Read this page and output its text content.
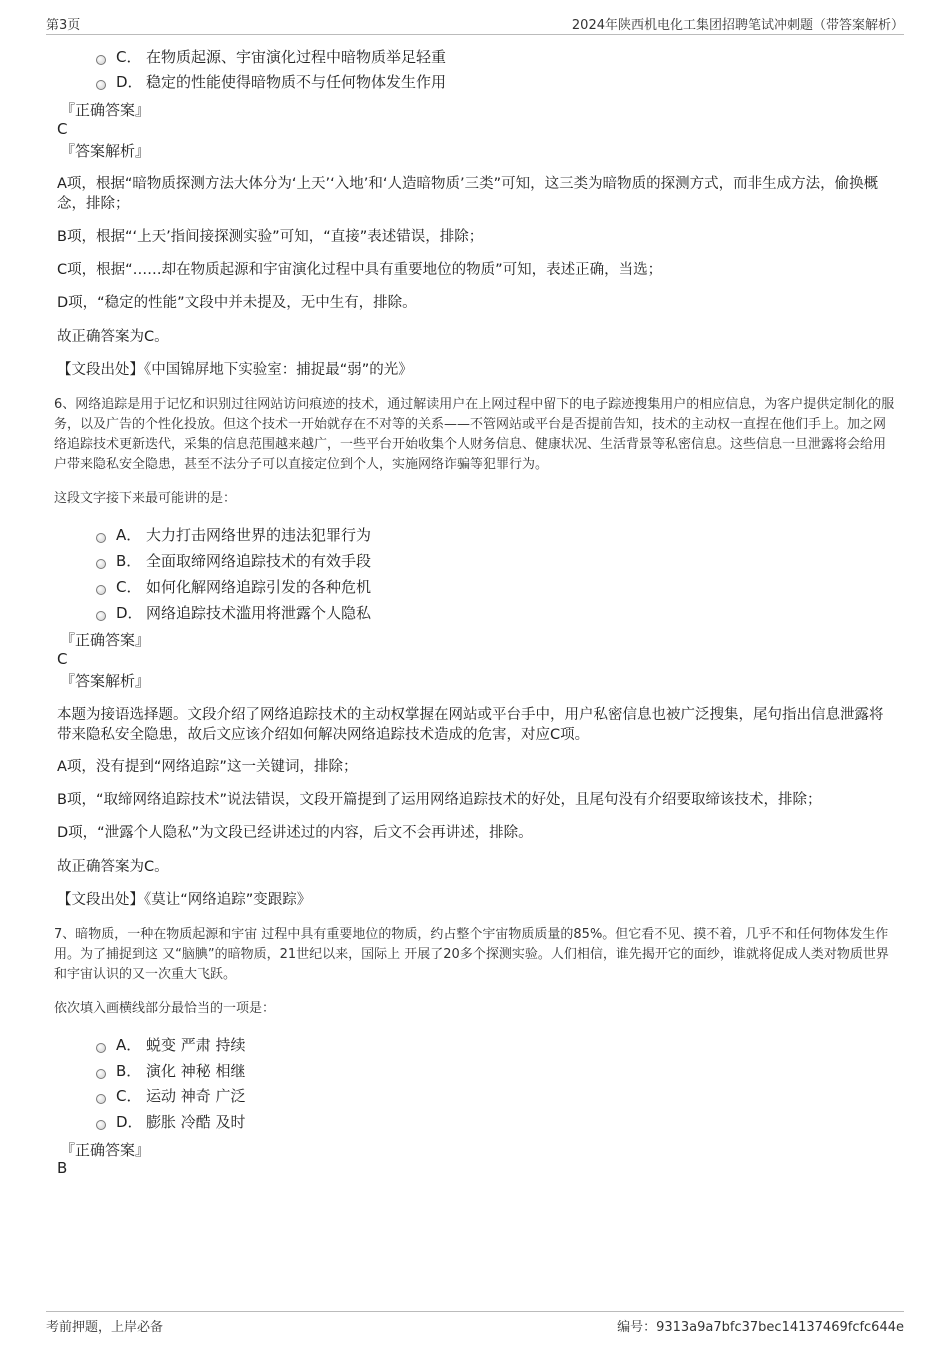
第3页	2024年陕西机电化工集团招聘笔试冲刺题（带答案解析）
C． 在物质起源、宇宙演化过程中暗物质举足轻重
D． 稳定的性能使得暗物质不与任何物体发生作用
『正确答案』
C
『答案解析』
A项，根据“暗物质探测方法大体分为‘上天’‘入地’和‘人造暗物质’三类”可知，这三类为暗物质的探测方式，而非生成方法，偷换概念，排除；
B项，根据“‘上天’指间接探测实验”可知，“直接”表述错误，排除；
C项，根据“……却在物质起源和宇宙演化过程中具有重要地位的物质”可知，表述正确，当选；
D项，“稳定的性能”文段中并未提及，无中生有，排除。
故正确答案为C。
【文段出处】《中国锦屏地下实验室：捕捉最“弱”的光》
6、网络追踪是用于记忆和识别过往网站访问痕迹的技术，通过解读用户在上网过程中留下的电子踪迹搜集用户的相应信息，为客户提供定制化的服务，以及广告的个性化投放。但这个技术一开始就存在不对等的关系——不管网站或平台是否提前告知，技术的主动权一直捏在他们手上。加之网络追踪技术更新迭代，采集的信息范围越来越广，一些平台开始收集个人财务信息、健康状况、生活背景等私密信息。这些信息一旦泄露将会给用户带来隐私安全隐患，甚至不法分子可以直接定位到个人，实施网络诈骗等犯罪行为。
这段文字接下来最可能讲的是：
A． 大力打击网络世界的违法犯罪行为
B． 全面取缔网络追踪技术的有效手段
C． 如何化解网络追踪引发的各种危机
D． 网络追踪技术滥用将泄露个人隐私
『正确答案』
C
『答案解析』
本题为接语选择题。文段介绍了网络追踪技术的主动权掌握在网站或平台手中，用户私密信息也被广泛搜集，尾句指出信息泄露将带来隐私安全隐患，故后文应该介绍如何解决网络追踪技术造成的危害，对应C项。
A项，没有提到“网络追踪”这一关键词，排除；
B项，“取缔网络追踪技术”说法错误，文段开篇提到了运用网络追踪技术的好处，且尾句没有介绍要取缔该技术，排除；
D项，“泄露个人隐私”为文段已经讲述过的内容，后文不会再讲述，排除。
故正确答案为C。
【文段出处】《莫让“网络追踪”变跟踪》
7、暗物质，一种在物质起源和宇宙 过程中具有重要地位的物质，约占整个宇宙物质质量的85%。但它看不见、摸不着，几乎不和任何物体发生作用。为了捕捉到这 又“脑腆”的暗物质，21世纪以来，国际上 开展了20多个探测实验。人们相信，谁先揭开它的面纱，谁就将促成人类对物质世界和宇宙认识的又一次重大飞跃。
依次填入画横线部分最恰当的一项是：
A． 蜕变 严肃 持续
B． 演化 神秘 相继
C． 运动 神奇 广泛
D． 膨胀 冷酷 及时
『正确答案』
B
考前押题，上岸必备	编号：9313a9a7bfc37bec14137469fcfc644e
